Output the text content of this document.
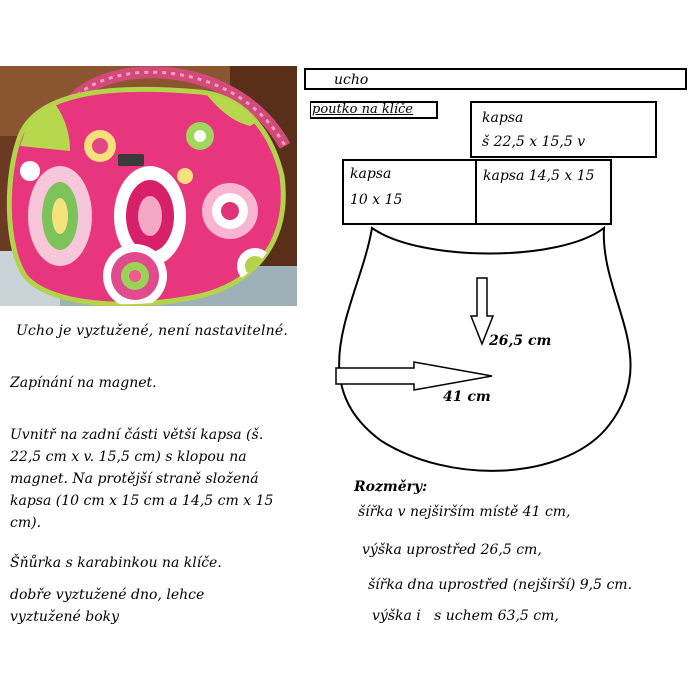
ucho
poutko na klíče
kapsa
š 22,5 x 15,5 v
kapsa
10 x 15
kapsa 14,5 x 15
26,5 cm
41 cm
Ucho je vyztužené, není nastavitelné.
Zapínání na magnet.
Uvnitř na zadní části větší kapsa (š.
22,5 cm x v. 15,5 cm) s klopou na
magnet. Na protější straně složená
kapsa (10 cm x 15 cm a 14,5 cm x 15
cm).
Šňůrka s karabinkou na klíče.
dobře vyztužené dno, lehce
vyztužené boky
Rozměry:
šířka v nejširším místě 41 cm,
výška uprostřed 26,5 cm,
šířka dna uprostřed (nejširší) 9,5 cm.
výška i   s uchem 63,5 cm,
